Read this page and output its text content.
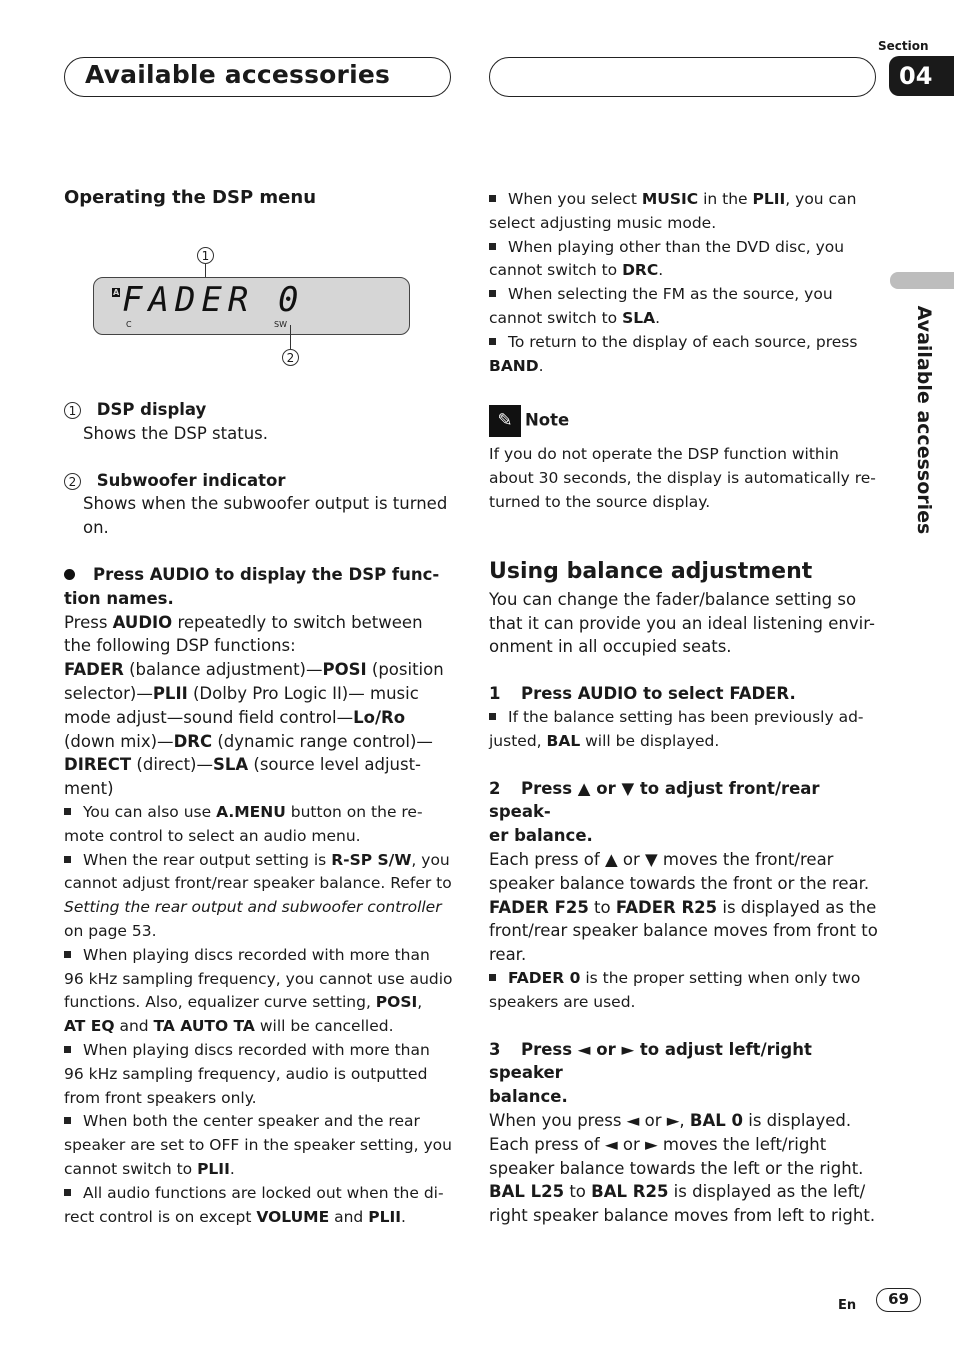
Available accessories
Section
04
Available accessories

Operating the DSP menu

1
A FADER 0
C	SW
2

1 DSP display

Shows the DSP status.

2 Subwoofer indicator

Shows when the subwoofer output is turned

on.

Press AUDIO to display the DSP func-

tion names.

Press AUDIO repeatedly to switch between

the following DSP functions:

FADER (balance adjustment)—POSI (position

selector)—PLII (Dolby Pro Logic II)— music

mode adjust—sound field control—Lo/Ro

(down mix)—DRC (dynamic range control)—

DIRECT (direct)—SLA (source level adjust-

ment)

You can also use A.MENU button on the re-

mote control to select an audio menu.

When the rear output setting is R-SP S/W, you

cannot adjust front/rear speaker balance. Refer to

Setting the rear output and subwoofer controller

on page 53.

When playing discs recorded with more than

96 kHz sampling frequency, you cannot use audio

functions. Also, equalizer curve setting, POSI,

AT EQ and TA AUTO TA will be cancelled.

When playing discs recorded with more than

96 kHz sampling frequency, audio is outputted

from front speakers only.

When both the center speaker and the rear

speaker are set to OFF in the speaker setting, you

cannot switch to PLII.

All audio functions are locked out when the di-

rect control is on except VOLUME and PLII.

When you select MUSIC in the PLII, you can

select adjusting music mode.

When playing other than the DVD disc, you

cannot switch to DRC.

When selecting the FM as the source, you

cannot switch to SLA.

To return to the display of each source, press

BAND.

✎ Note

If you do not operate the DSP function within

about 30 seconds, the display is automatically re-

turned to the source display.

Using balance adjustment

You can change the fader/balance setting so

that it can provide you an ideal listening envir-

onment in all occupied seats.

1 Press AUDIO to select FADER.

If the balance setting has been previously ad-

justed, BAL will be displayed.

2 Press ▲ or ▼ to adjust front/rear speak-

er balance.

Each press of ▲ or ▼ moves the front/rear

speaker balance towards the front or the rear.

FADER F25 to FADER R25 is displayed as the

front/rear speaker balance moves from front to

rear.

FADER 0 is the proper setting when only two

speakers are used.

3 Press ◄ or ► to adjust left/right speaker

balance.

When you press ◄ or ►, BAL 0 is displayed.

Each press of ◄ or ► moves the left/right

speaker balance towards the left or the right.

BAL L25 to BAL R25 is displayed as the left/

right speaker balance moves from left to right.

En	69
